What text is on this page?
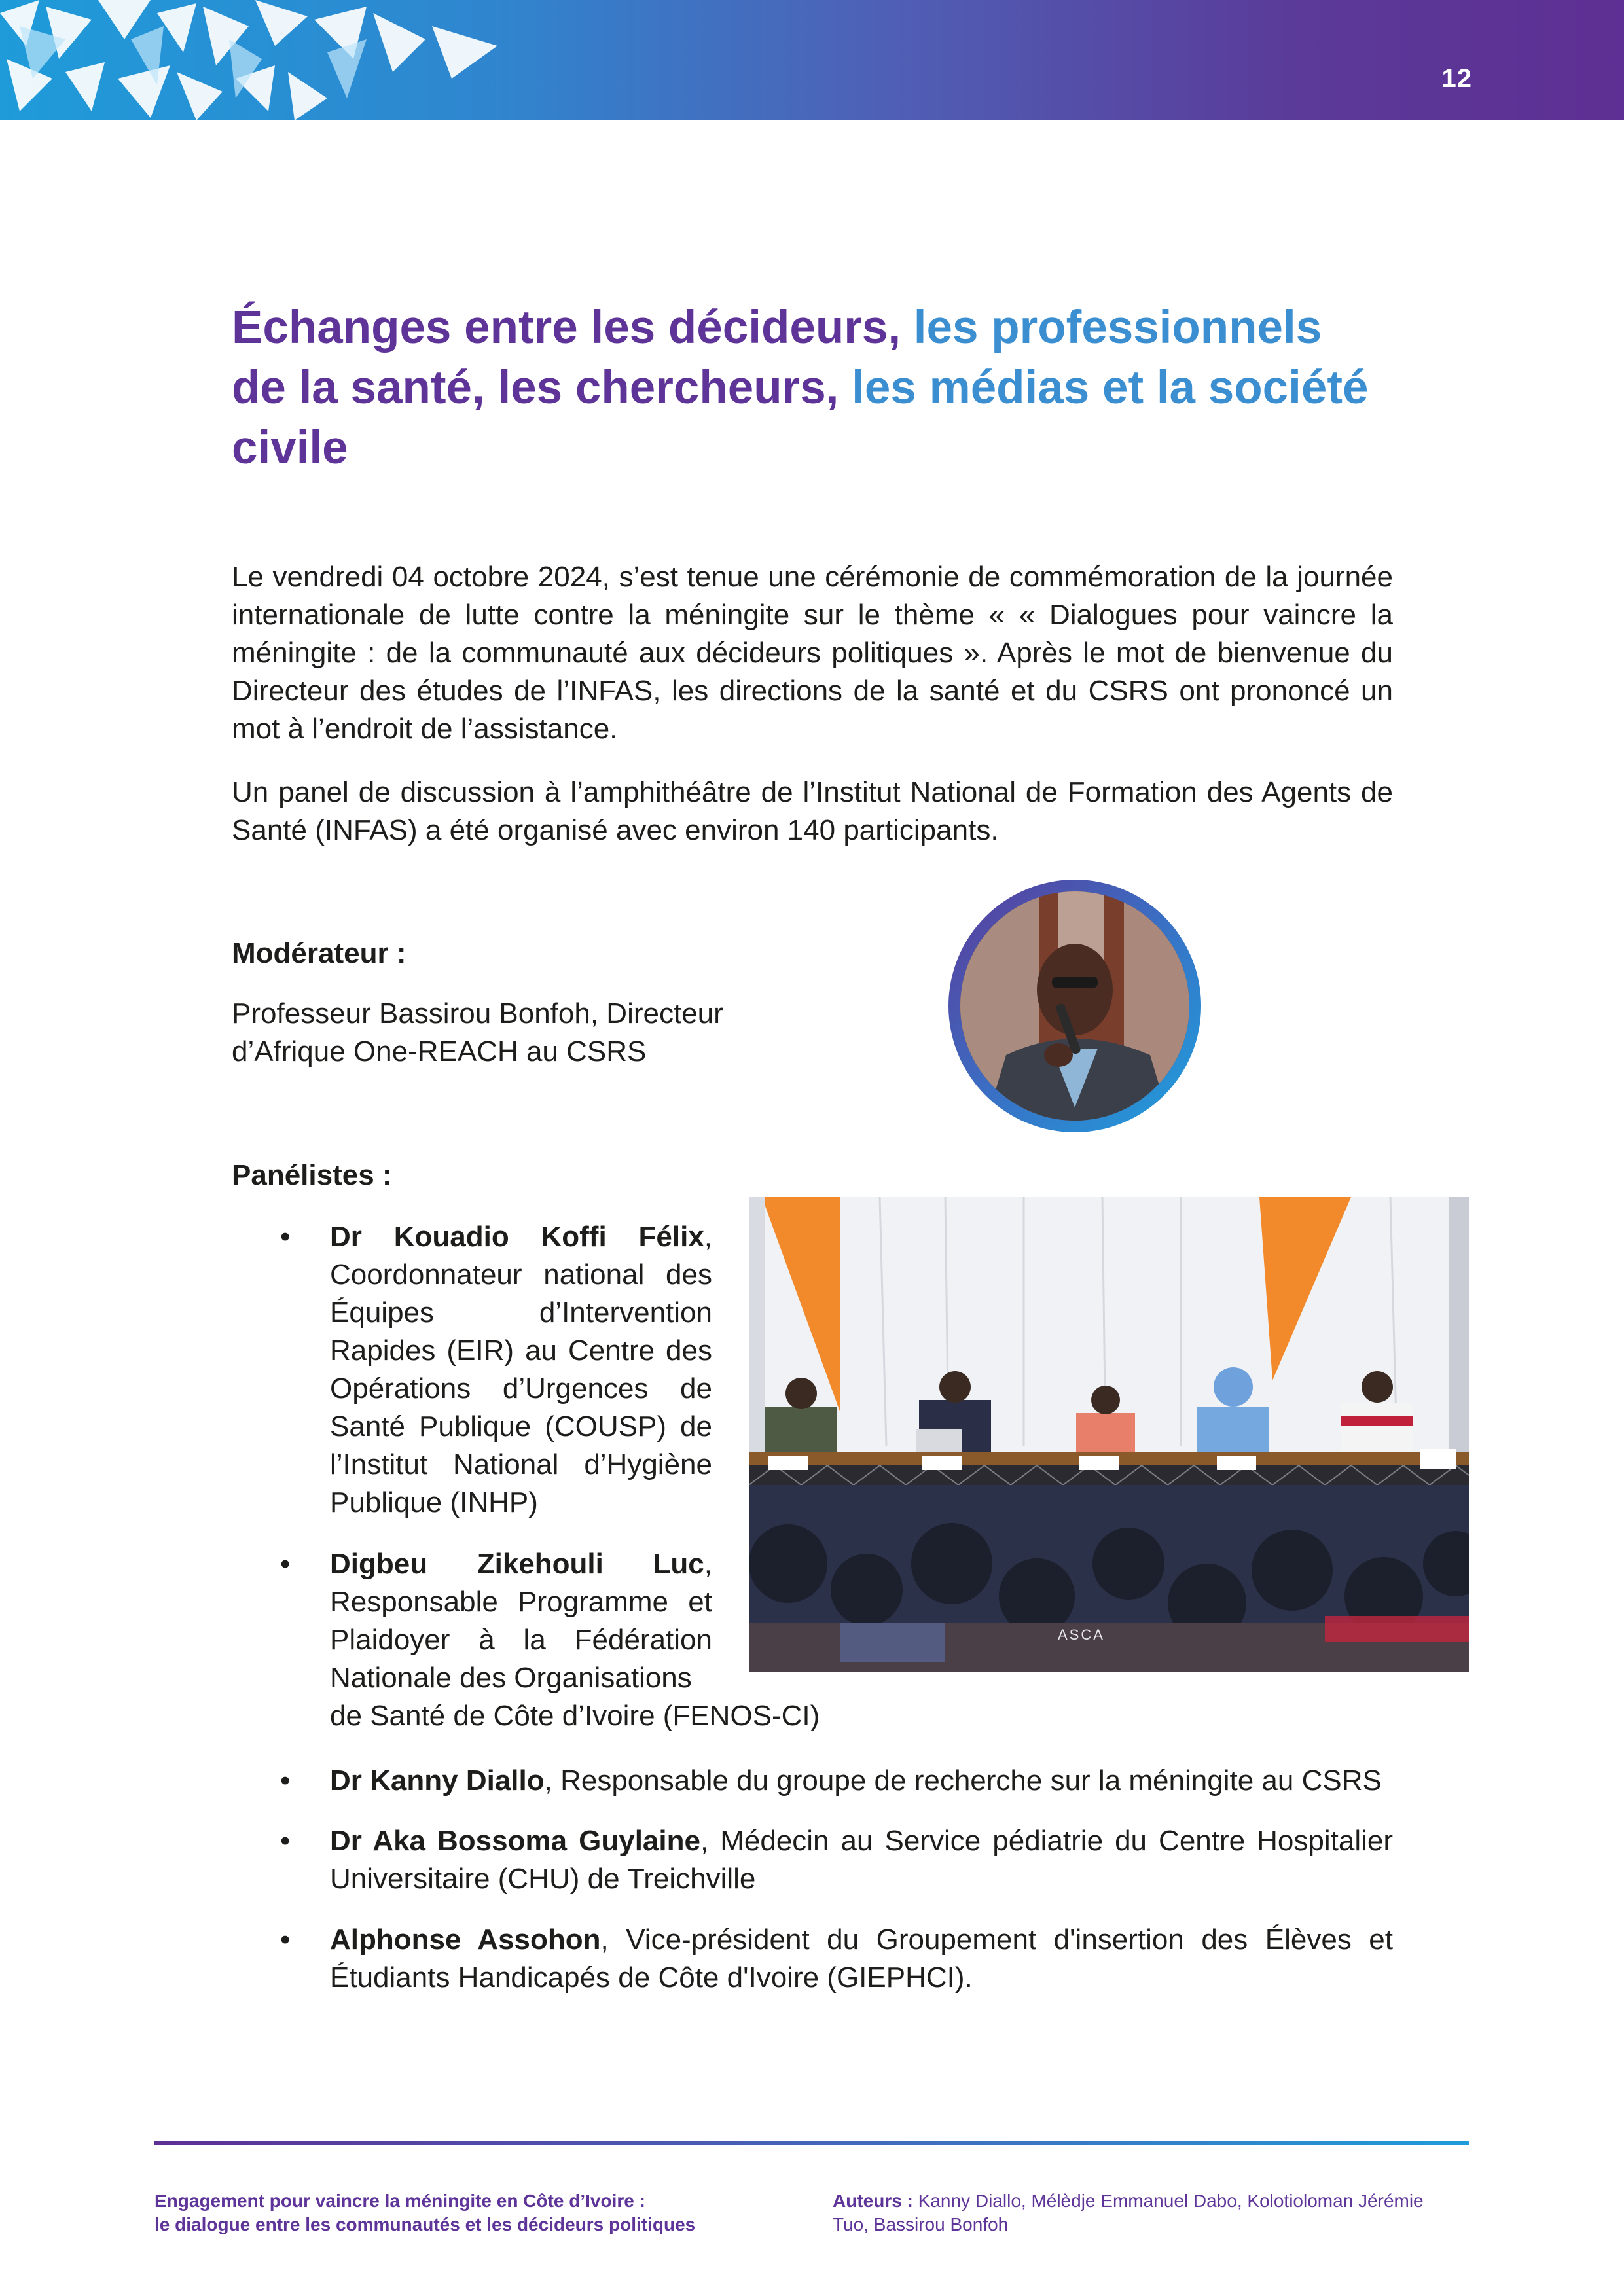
12
Échanges entre les décideurs, les professionnels
de la santé, les chercheurs, les médias et la société
civile

Le vendredi 04 octobre 2024, s’est tenue une cérémonie de commémoration de la journée internationale de lutte contre la méningite sur le thème « « Dialogues pour vaincre la méningite : de la communauté aux décideurs politiques ». Après le mot de bienvenue du Directeur des études de l’INFAS, les directions de la santé et du CSRS ont prononcé un mot à l’endroit de l’assistance.

Un panel de discussion à l’amphithéâtre de l’Institut National de Formation des Agents de Santé (INFAS) a été organisé avec environ 140 participants.

Modérateur :
Professeur Bassirou Bonfoh, Directeur
d’Afrique One-REACH au CSRS
Panélistes :
ASCA
• Dr Kouadio Koffi Félix, Coordonnateur national des Équipes d’Intervention Rapides (EIR) au Centre des Opérations d’Urgences de Santé Publique (COUSP) de l’Institut National d’Hygiène Publique (INHP)
• Digbeu Zikehouli Luc, Responsable Programme et Plaidoyer à la Fédération Nationale des Organisations
de Santé de Côte d’Ivoire (FENOS-CI)
• Dr Kanny Diallo, Responsable du groupe de recherche sur la méningite au CSRS
• Dr Aka Bossoma Guylaine, Médecin au Service pédiatrie du Centre Hospitalier Universitaire (CHU) de Treichville
• Alphonse Assohon, Vice-président du Groupement d'insertion des Élèves et Étudiants Handicapés de Côte d'Ivoire (GIEPHCI).
Engagement pour vaincre la méningite en Côte d’Ivoire :
le dialogue entre les communautés et les décideurs politiques
Auteurs : Kanny Diallo, Mélèdje Emmanuel Dabo, Kolotioloman Jérémie
Tuo, Bassirou Bonfoh
